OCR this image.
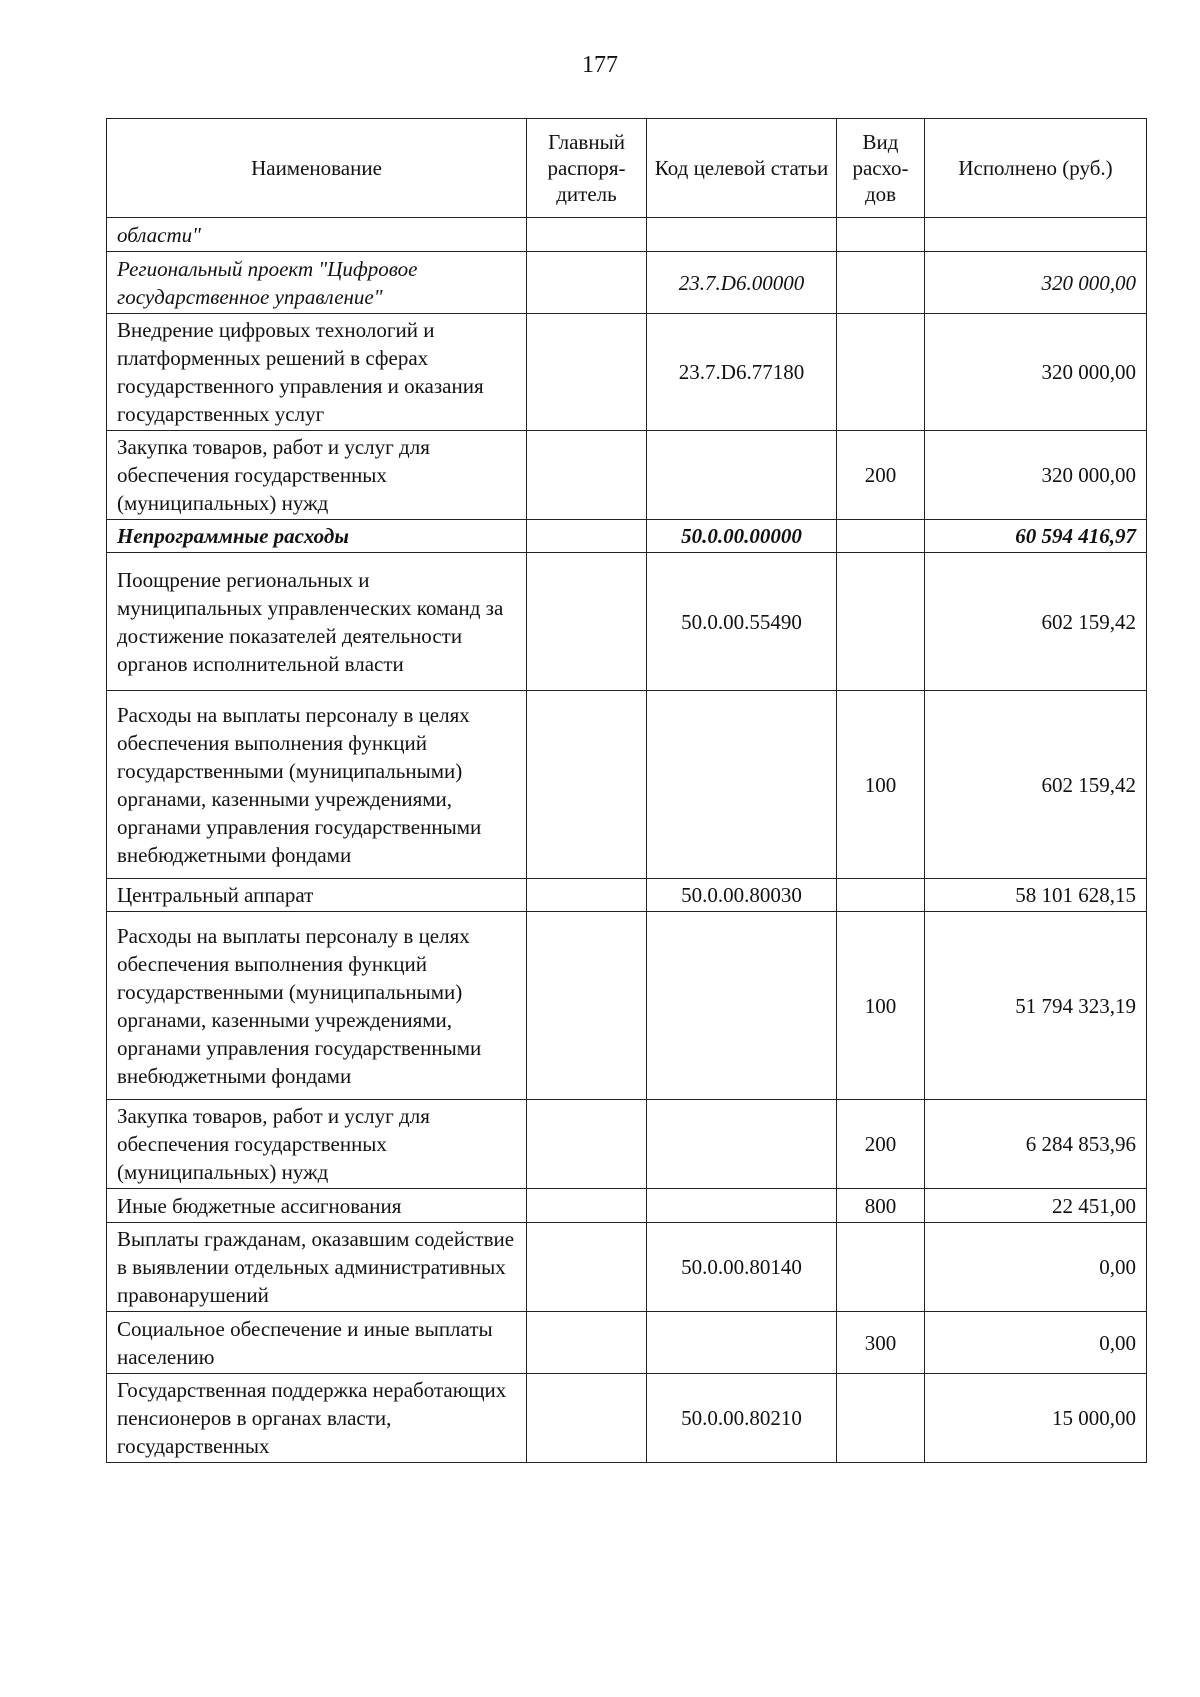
177
Наименование	Главный распоря-дитель	Код целевой статьи	Вид расхо-дов	Исполнено (руб.)
области"				
Региональный проект "Цифровое государственное управление"		23.7.D6.00000		320 000,00
Внедрение цифровых технологий и платформенных решений в сферах государственного управления и оказания государственных услуг		23.7.D6.77180		320 000,00
Закупка товаров, работ и услуг для обеспечения государственных (муниципальных) нужд			200	320 000,00
Непрограммные расходы		50.0.00.00000		60 594 416,97
Поощрение региональных и муниципальных управленческих команд за достижение показателей деятельности органов исполнительной власти		50.0.00.55490		602 159,42
Расходы на выплаты персоналу в целях обеспечения выполнения функций государственными (муниципальными) органами, казенными учреждениями, органами управления государственными внебюджетными фондами			100	602 159,42
Центральный аппарат		50.0.00.80030		58 101 628,15
Расходы на выплаты персоналу в целях обеспечения выполнения функций государственными (муниципальными) органами, казенными учреждениями, органами управления государственными внебюджетными фондами			100	51 794 323,19
Закупка товаров, работ и услуг для обеспечения государственных (муниципальных) нужд			200	6 284 853,96
Иные бюджетные ассигнования			800	22 451,00
Выплаты гражданам, оказавшим содействие в выявлении отдельных административных правонарушений		50.0.00.80140		0,00
Социальное обеспечение и иные выплаты населению			300	0,00
Государственная поддержка неработающих пенсионеров в органах власти, государственных		50.0.00.80210		15 000,00
